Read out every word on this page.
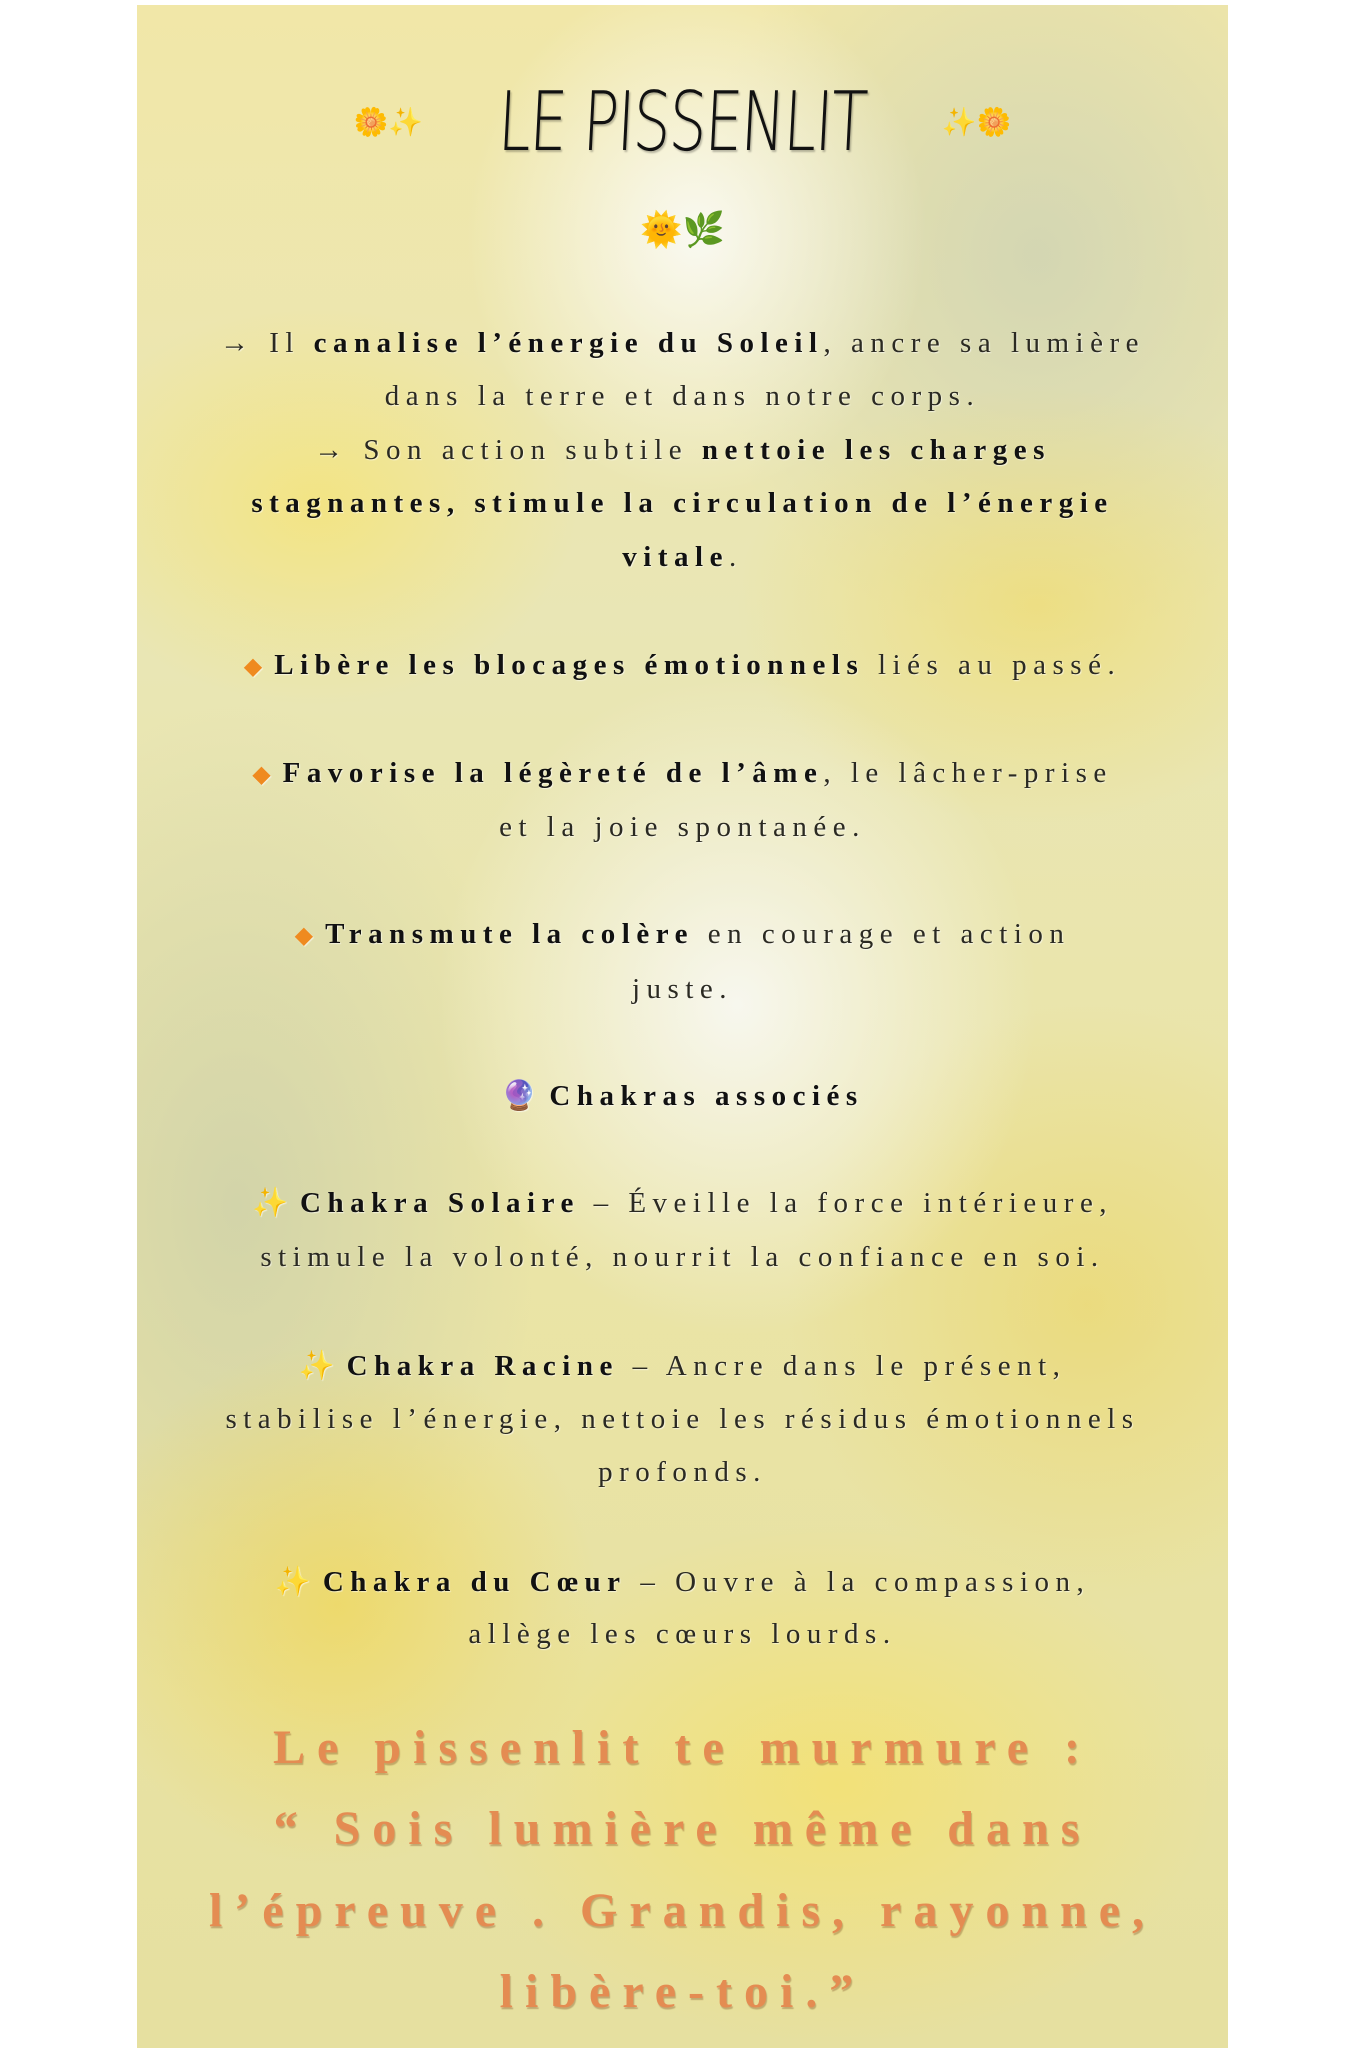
🌼✨ LE PISSENLIT	✨🌼
🌞🌿
→ Il canalise l’énergie du Soleil, ancre sa lumière
dans la terre et dans notre corps.
→ Son action subtile nettoie les charges
stagnantes, stimule la circulation de l’énergie
vitale.
◆ Libère les blocages émotionnels liés au passé.
◆ Favorise la légèreté de l’âme, le lâcher-prise
et la joie spontanée.
◆ Transmute la colère en courage et action
juste.
🔮 Chakras associés
✨ Chakra Solaire – Éveille la force intérieure,
stimule la volonté, nourrit la confiance en soi.
✨ Chakra Racine – Ancre dans le présent,
stabilise l’énergie, nettoie les résidus émotionnels
profonds.
✨ Chakra du Cœur – Ouvre à la compassion,
allège les cœurs lourds.
Le pissenlit te murmure :
“ Sois lumière même dans
l’épreuve . Grandis, rayonne,
libère-toi.”
